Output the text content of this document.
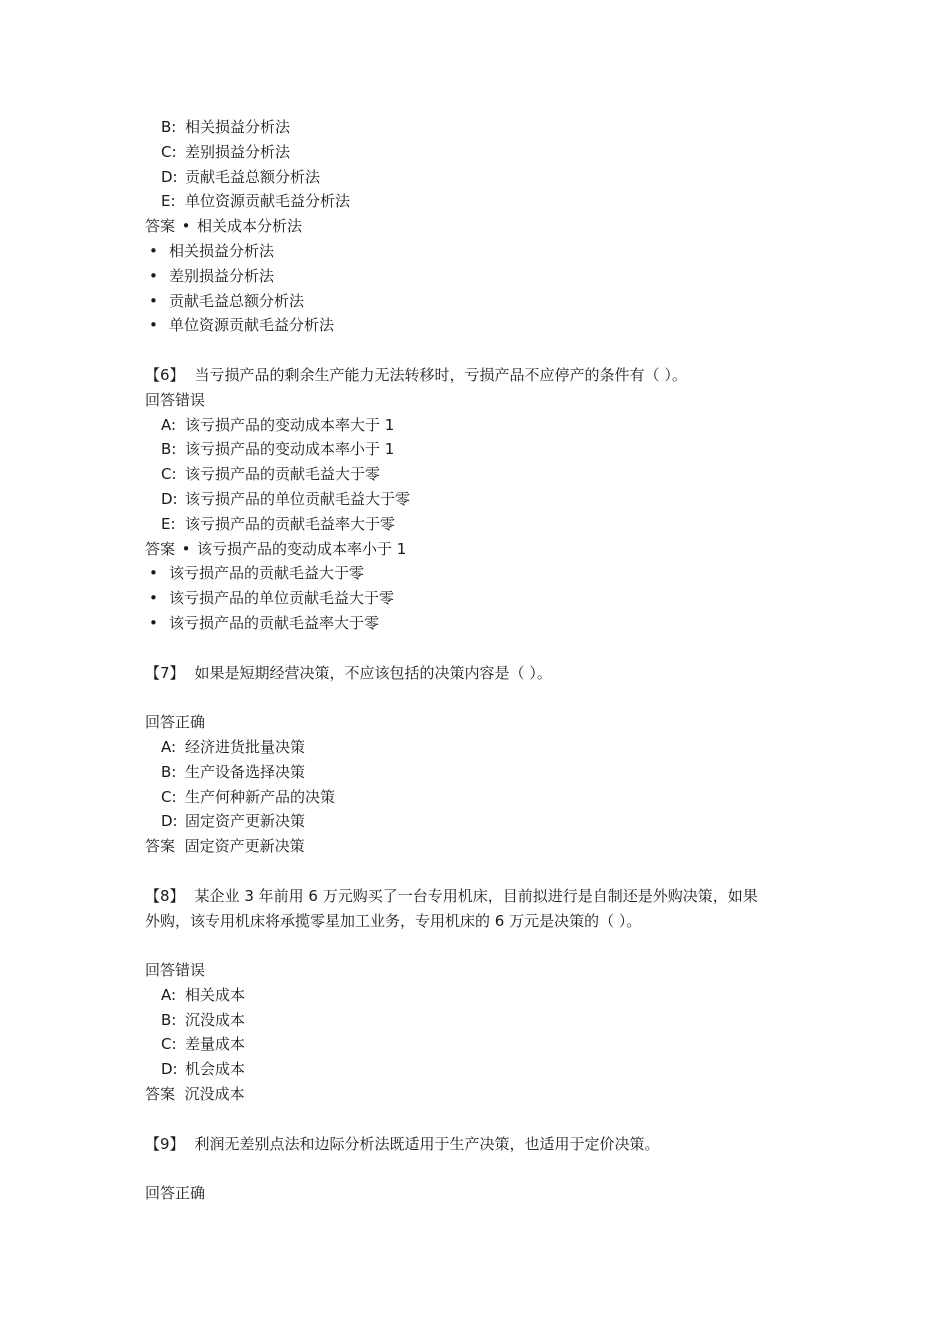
B: 相关损益分析法
C: 差别损益分析法
D: 贡献毛益总额分析法
E: 单位资源贡献毛益分析法
答案 • 相关成本分析法
• 相关损益分析法
• 差别损益分析法
• 贡献毛益总额分析法
• 单位资源贡献毛益分析法
【6】 当亏损产品的剩余生产能力无法转移时，亏损产品不应停产的条件有（ ）。
回答错误
A: 该亏损产品的变动成本率大于 1
B: 该亏损产品的变动成本率小于 1
C: 该亏损产品的贡献毛益大于零
D: 该亏损产品的单位贡献毛益大于零
E: 该亏损产品的贡献毛益率大于零
答案 • 该亏损产品的变动成本率小于 1
• 该亏损产品的贡献毛益大于零
• 该亏损产品的单位贡献毛益大于零
• 该亏损产品的贡献毛益率大于零
【7】 如果是短期经营决策，不应该包括的决策内容是（ ）。
回答正确
A: 经济进货批量决策
B: 生产设备选择决策
C: 生产何种新产品的决策
D: 固定资产更新决策
答案 固定资产更新决策
【8】 某企业 3 年前用 6 万元购买了一台专用机床，目前拟进行是自制还是外购决策，如果
外购，该专用机床将承揽零星加工业务，专用机床的 6 万元是决策的（ ）。
回答错误
A: 相关成本
B: 沉没成本
C: 差量成本
D: 机会成本
答案 沉没成本
【9】 利润无差别点法和边际分析法既适用于生产决策，也适用于定价决策。
回答正确
